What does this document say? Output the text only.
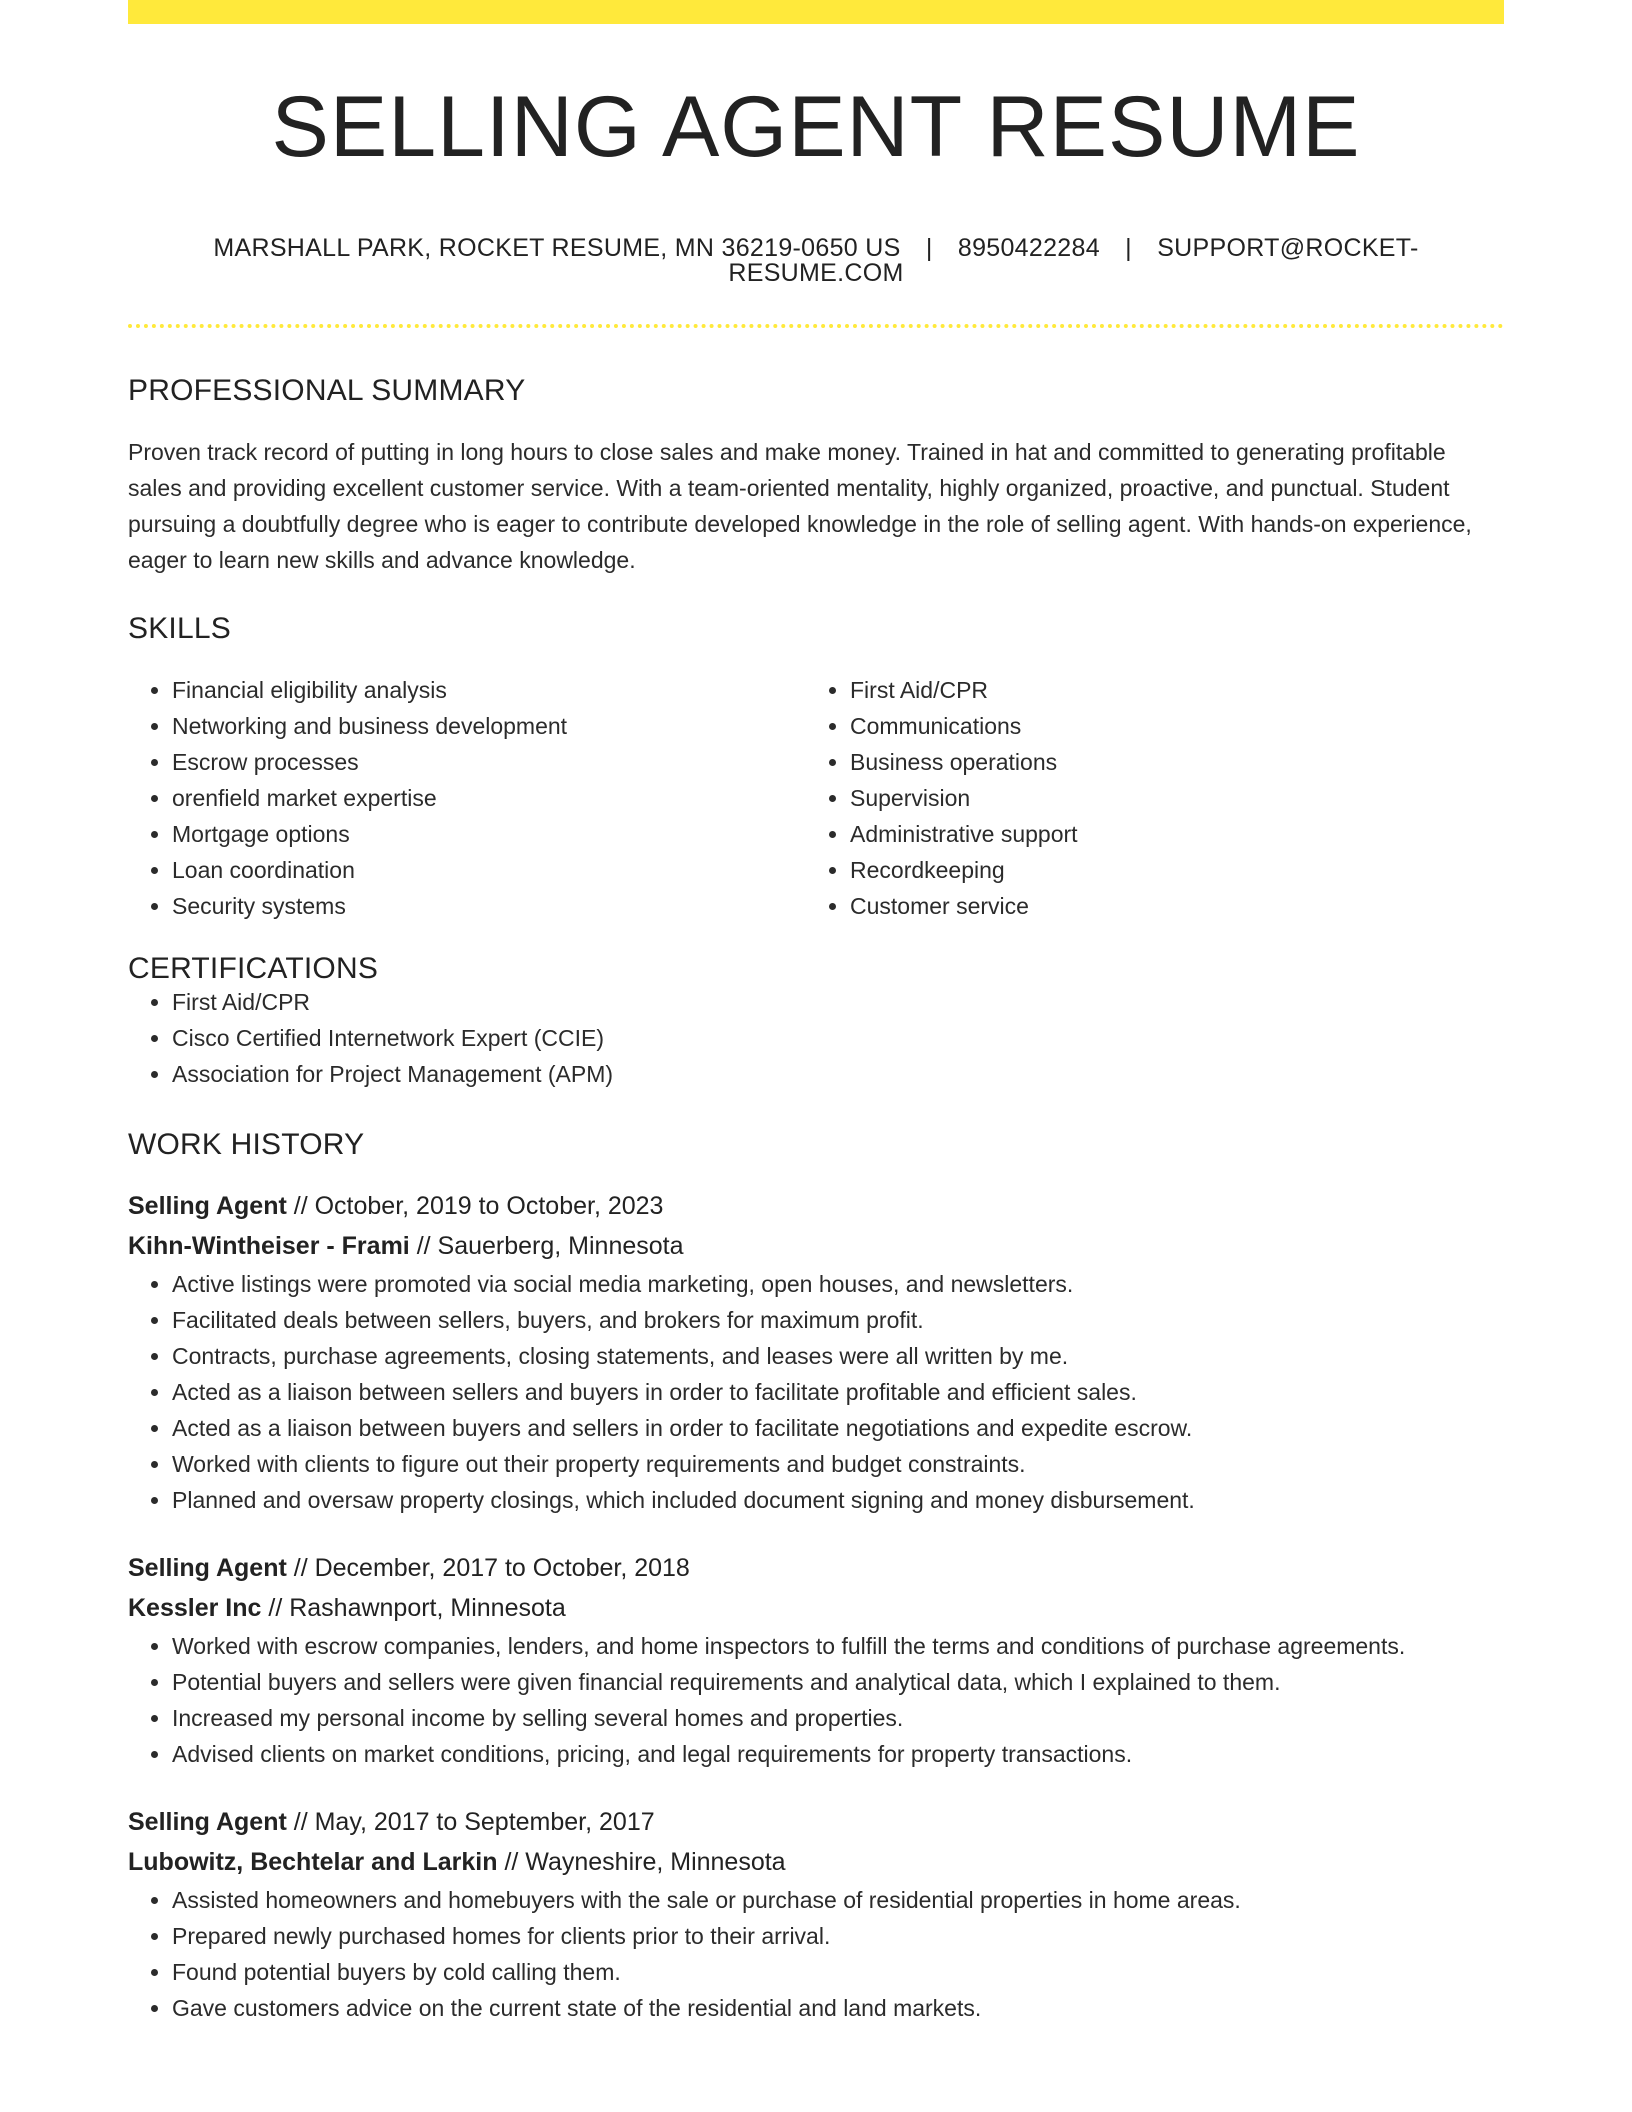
SELLING AGENT RESUME
MARSHALL PARK, ROCKET RESUME, MN 36219-0650 US | 8950422284 | SUPPORT@ROCKET-RESUME.COM
PROFESSIONAL SUMMARY
Proven track record of putting in long hours to close sales and make money. Trained in hat and committed to generating profitable sales and providing excellent customer service. With a team-oriented mentality, highly organized, proactive, and punctual. Student pursuing a doubtfully degree who is eager to contribute developed knowledge in the role of selling agent. With hands-on experience, eager to learn new skills and advance knowledge.
SKILLS
• Financial eligibility analysis
• Networking and business development
• Escrow processes
• orenfield market expertise
• Mortgage options
• Loan coordination
• Security systems
• First Aid/CPR
• Communications
• Business operations
• Supervision
• Administrative support
• Recordkeeping
• Customer service
CERTIFICATIONS
• First Aid/CPR
• Cisco Certified Internetwork Expert (CCIE)
• Association for Project Management (APM)
WORK HISTORY
Selling Agent // October, 2019 to October, 2023
Kihn-Wintheiser - Frami // Sauerberg, Minnesota
• Active listings were promoted via social media marketing, open houses, and newsletters.
• Facilitated deals between sellers, buyers, and brokers for maximum profit.
• Contracts, purchase agreements, closing statements, and leases were all written by me.
• Acted as a liaison between sellers and buyers in order to facilitate profitable and efficient sales.
• Acted as a liaison between buyers and sellers in order to facilitate negotiations and expedite escrow.
• Worked with clients to figure out their property requirements and budget constraints.
• Planned and oversaw property closings, which included document signing and money disbursement.
Selling Agent // December, 2017 to October, 2018
Kessler Inc // Rashawnport, Minnesota
• Worked with escrow companies, lenders, and home inspectors to fulfill the terms and conditions of purchase agreements.
• Potential buyers and sellers were given financial requirements and analytical data, which I explained to them.
• Increased my personal income by selling several homes and properties.
• Advised clients on market conditions, pricing, and legal requirements for property transactions.
Selling Agent // May, 2017 to September, 2017
Lubowitz, Bechtelar and Larkin // Wayneshire, Minnesota
• Assisted homeowners and homebuyers with the sale or purchase of residential properties in home areas.
• Prepared newly purchased homes for clients prior to their arrival.
• Found potential buyers by cold calling them.
• Gave customers advice on the current state of the residential and land markets.
